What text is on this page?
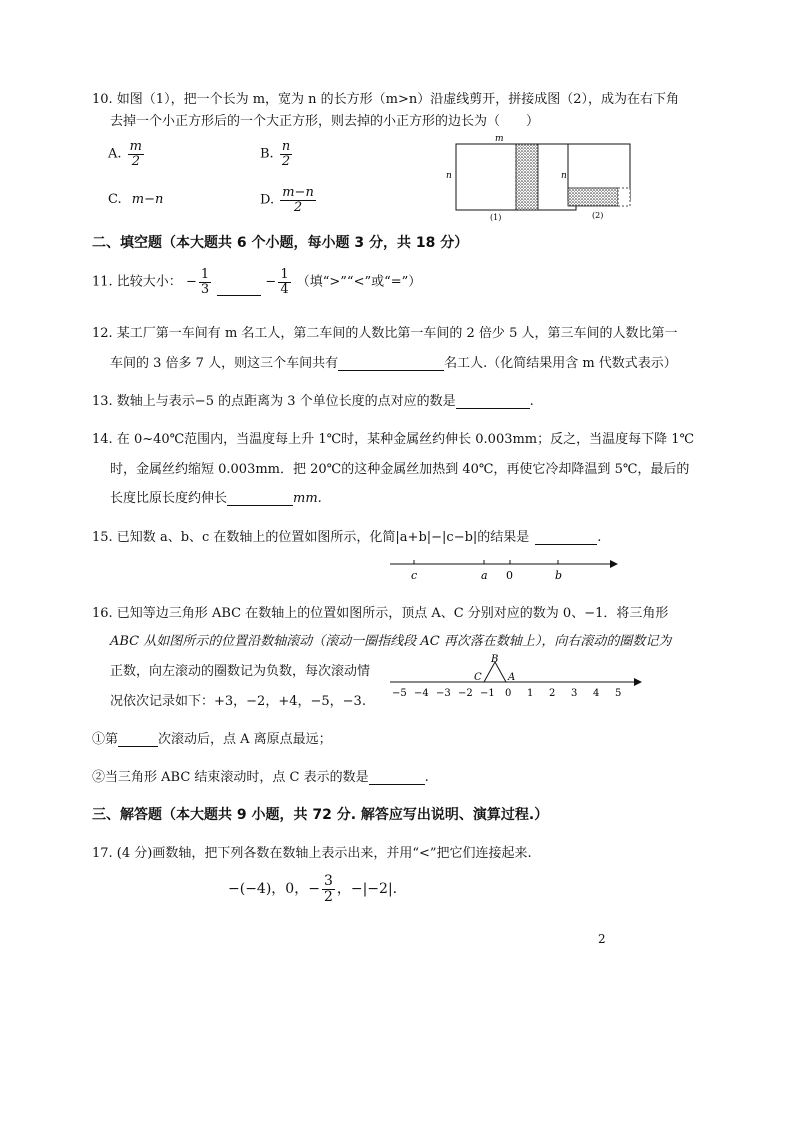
10. 如图（1），把一个长为 m，宽为 n 的长方形（m>n）沿虚线剪开，拼接成图（2），成为在右下角
去掉一个小正方形后的一个大正方形，则去掉的小正方形的边长为（　　）
A. $\frac{m}{2}$	B. $\frac{n}{2}$
C. m−n	D. $\frac{m-n}{2}$
m
n
(1)
n
(2)
二、填空题（本大题共 6 个小题，每小题 3 分，共 18 分）
11. 比较大小： − $\frac{1}{3}$	− $\frac{1}{4}$ （填“>”“<”或“=”）
12. 某工厂第一车间有 m 名工人，第二车间的人数比第一车间的 2 倍少 5 人，第三车间的人数比第一
车间的 3 倍多 7 人，则这三个车间共有	名工人.（化简结果用含 m 代数式表示）
13. 数轴上与表示−5 的点距离为 3 个单位长度的点对应的数是	.
14. 在 0~40℃范围内，当温度每上升 1℃时，某种金属丝约伸长 0.003mm；反之，当温度每下降 1℃
时，金属丝约缩短 0.003mm．把 20℃的这种金属丝加热到 40℃，再使它冷却降温到 5℃，最后的
长度比原长度约伸长	mm.
15. 已知数 a、b、c 在数轴上的位置如图所示，化简|a+b|−|c−b|的结果是	.
c	a 0	b
16. 已知等边三角形 ABC 在数轴上的位置如图所示，顶点 A、C 分别对应的数为 0、−1．将三角形
ABC 从如图所示的位置沿数轴滚动（滚动一圈指线段 AC 再次落在数轴上），向右滚动的圈数记为
正数，向左滚动的圈数记为负数，每次滚动情
况依次记录如下：+3，−2，+4，−5，−3.
B
C	A
−5 −4 −3 −2 −1 0 1 2 3 4 5
①第	次滚动后，点 A 离原点最远；
②当三角形 ABC 结束滚动时，点 C 表示的数是	.
三、解答题（本大题共 9 小题，共 72 分. 解答应写出说明、演算过程.）
17. (4 分)画数轴，把下列各数在数轴上表示出来，并用“<”把它们连接起来.
−(−4)，0，− $\frac{3}{2}$ ，−|−2|.
2
